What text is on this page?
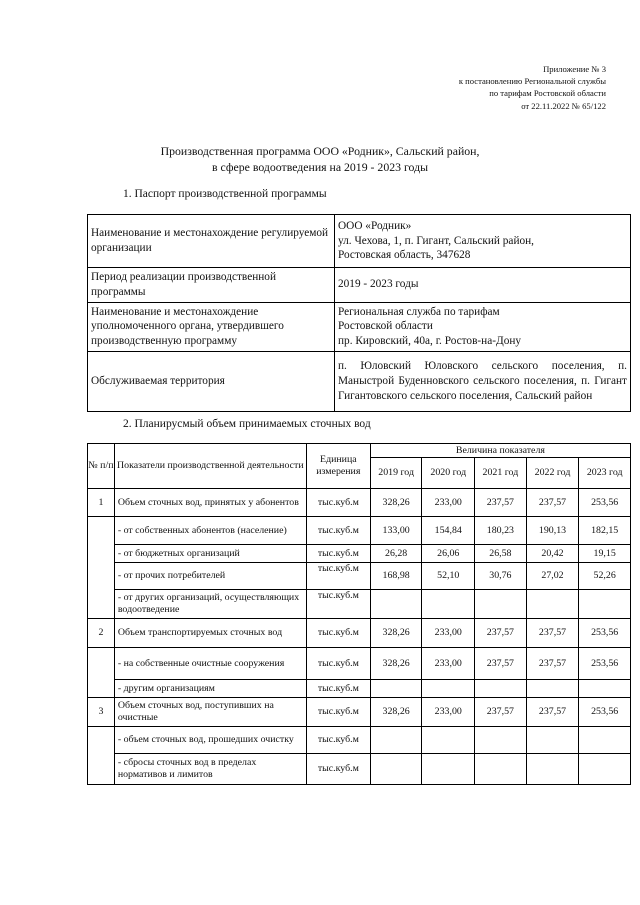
Приложение № 3
к постановлению Региональной службы
по тарифам Ростовской области
от 22.11.2022 № 65/122
Производственная программа ООО «Родник», Сальский район,
в сфере водоотведения на 2019 - 2023 годы
1. Паспорт производственной программы
Наименование и местонахождение регулируемой организации	ООО «Родник»
ул. Чехова, 1, п. Гигант, Сальский район,
Ростовская область, 347628

Период реализации производственной программы	2019 - 2023 годы

Наименование и местонахождение уполномоченного органа, утвердившего производственную программу	Региональная служба по тарифам
Ростовской области
пр. Кировский, 40а, г. Ростов-на-Дону

Обслуживаемая территория	п. Юловский Юловского сельского поселения, п. Маныстрой Буденновского сельского поселения, п. Гигант Гигантовского сельского поселения, Сальский район
2. Планирусмый объем принимаемых сточных вод
№ п/п	Показатели производственной деятельности	Единица измерения	Величина показателя				
			2019 год	2020 год	2021 год	2022 год	2023 год
1	Объем сточных вод, принятых у абонентов	тыс.куб.м	328,26	233,00	237,57	237,57	253,56
	- от собственных абонентов (население)	тыс.куб.м	133,00	154,84	180,23	190,13	182,15
	- от бюджетных организаций	тыс.куб.м	26,28	26,06	26,58	20,42	19,15
	- от прочих потребителей	тыс.куб.м	168,98	52,10	30,76	27,02	52,26
	- от других организаций, осуществляющих водоотведение	тыс.куб.м					
2	Объем транспортируемых сточных вод	тыс.куб.м	328,26	233,00	237,57	237,57	253,56
	- на собственные очистные сооружения	тыс.куб.м	328,26	233,00	237,57	237,57	253,56
	- другим организациям	тыс.куб.м					
3	Объем сточных вод, поступивших на очистные	тыс.куб.м	328,26	233,00	237,57	237,57	253,56
	- объем сточных вод, прошедших очистку	тыс.куб.м					
	- сбросы сточных вод в пределах нормативов и лимитов	тыс.куб.м					
